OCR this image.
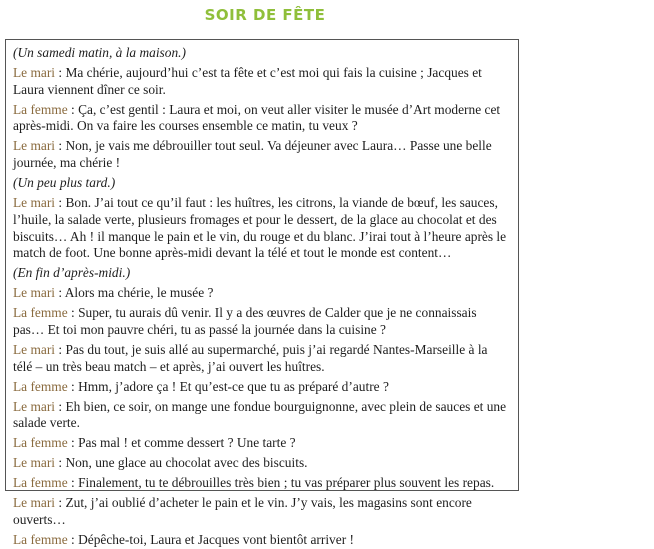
SOIR DE FÊTE

(Un samedi matin, à la maison.)

Le mari : Ma chérie, aujourd’hui c’est ta fête et c’est moi qui fais la cuisine ; Jacques et Laura viennent dîner ce soir.

La femme : Ça, c’est gentil : Laura et moi, on veut aller visiter le musée d’Art moderne cet après-midi. On va faire les courses ensemble ce matin, tu veux ?

Le mari : Non, je vais me débrouiller tout seul. Va déjeuner avec Laura… Passe une belle journée, ma chérie !

(Un peu plus tard.)

Le mari : Bon. J’ai tout ce qu’il faut : les huîtres, les citrons, la viande de bœuf, les sauces, l’huile, la salade verte, plusieurs fromages et pour le dessert, de la glace au chocolat et des biscuits… Ah ! il manque le pain et le vin, du rouge et du blanc. J’irai tout à l’heure après le match de foot. Une bonne après-midi devant la télé et tout le monde est content…

(En fin d’après-midi.)

Le mari : Alors ma chérie, le musée ?

La femme : Super, tu aurais dû venir. Il y a des œuvres de Calder que je ne connaissais pas… Et toi mon pauvre chéri, tu as passé la journée dans la cuisine ?

Le mari : Pas du tout, je suis allé au supermarché, puis j’ai regardé Nantes-Marseille à la télé – un très beau match – et après, j’ai ouvert les huîtres.

La femme : Hmm, j’adore ça ! Et qu’est-ce que tu as préparé d’autre ?

Le mari : Eh bien, ce soir, on mange une fondue bourguignonne, avec plein de sauces et une salade verte.

La femme : Pas mal ! et comme dessert ? Une tarte ?

Le mari : Non, une glace au chocolat avec des biscuits.

La femme : Finalement, tu te débrouilles très bien ; tu vas préparer plus souvent les repas.

Le mari : Zut, j’ai oublié d’acheter le pain et le vin. J’y vais, les magasins sont encore ouverts…

La femme : Dépêche-toi, Laura et Jacques vont bientôt arriver !
